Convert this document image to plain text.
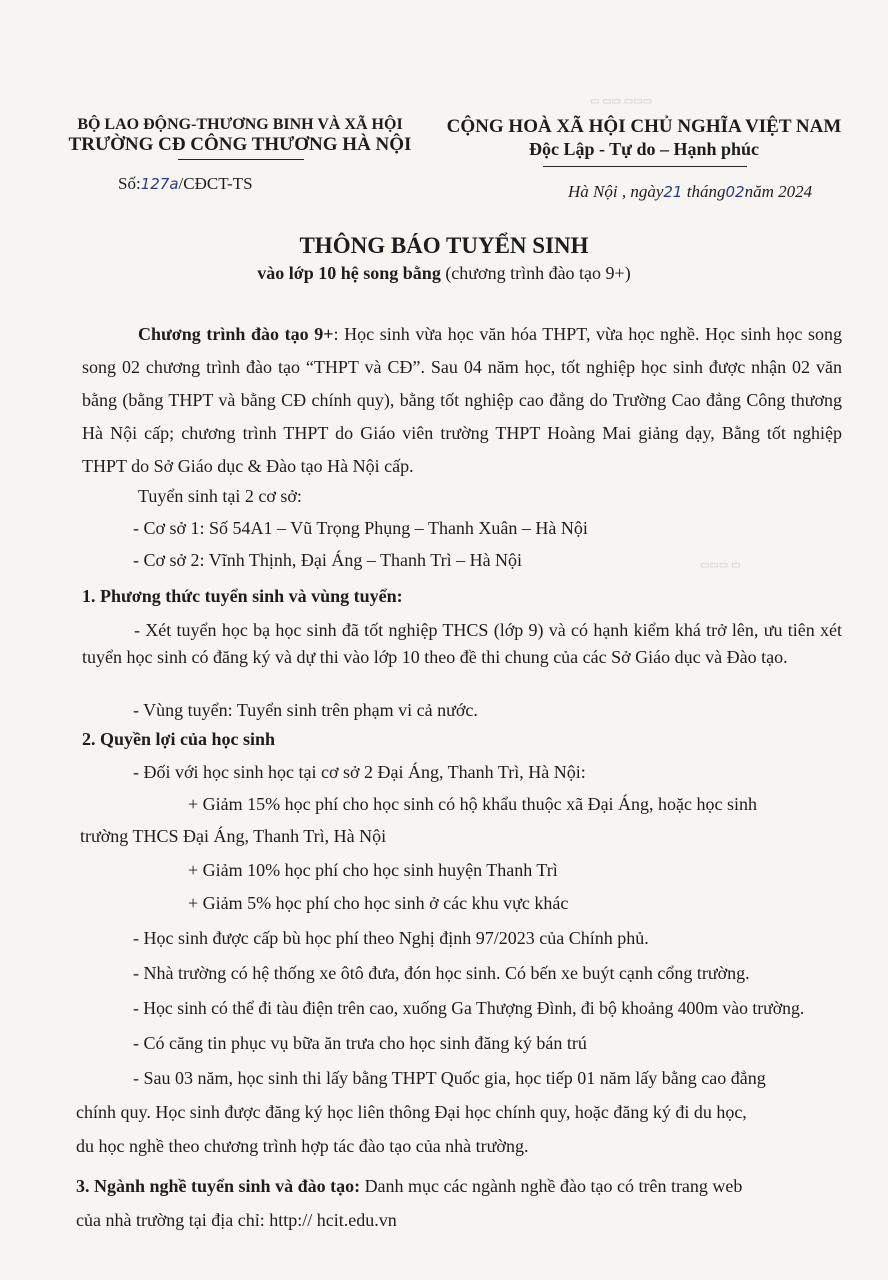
▭ ▭▭ ▭▭▭
▭▭▭ ▭
BỘ LAO ĐỘNG-THƯƠNG BINH VÀ XÃ HỘI
TRƯỜNG CĐ CÔNG THƯƠNG HÀ NỘI
Số:127a/CĐCT-TS
CỘNG HOÀ XÃ HỘI CHỦ NGHĨA VIỆT NAM
Độc Lập - Tự do – Hạnh phúc
Hà Nội , ngày21 tháng02năm 2024
THÔNG BÁO TUYỂN SINH
vào lớp 10 hệ song bằng (chương trình đào tạo 9+)
Chương trình đào tạo 9+: Học sinh vừa học văn hóa THPT, vừa học nghề. Học sinh học song song 02 chương trình đào tạo “THPT và CĐ”. Sau 04 năm học, tốt nghiệp học sinh được nhận 02 văn bằng (bằng THPT và bằng CĐ chính quy), bằng tốt nghiệp cao đẳng do Trường Cao đẳng Công thương Hà Nội cấp; chương trình THPT do Giáo viên trường THPT Hoàng Mai giảng dạy, Bằng tốt nghiệp THPT do Sở Giáo dục & Đào tạo Hà Nội cấp.
Tuyển sinh tại 2 cơ sở:
- Cơ sở 1: Số 54A1 – Vũ Trọng Phụng – Thanh Xuân – Hà Nội
- Cơ sở 2: Vĩnh Thịnh, Đại Áng – Thanh Trì – Hà Nội
1. Phương thức tuyển sinh và vùng tuyển:
- Xét tuyển học bạ học sinh đã tốt nghiệp THCS (lớp 9) và có hạnh kiểm khá trở lên, ưu tiên xét tuyển học sinh có đăng ký và dự thi vào lớp 10 theo đề thi chung của các Sở Giáo dục và Đào tạo.
- Vùng tuyển: Tuyển sinh trên phạm vi cả nước.
2. Quyền lợi của học sinh
- Đối với học sinh học tại cơ sở 2 Đại Áng, Thanh Trì, Hà Nội:
+ Giảm 15% học phí cho học sinh có hộ khẩu thuộc xã Đại Áng, hoặc học sinh
trường THCS Đại Áng, Thanh Trì, Hà Nội
+ Giảm 10% học phí cho học sinh huyện Thanh Trì
+ Giảm 5% học phí cho học sinh ở các khu vực khác
- Học sinh được cấp bù học phí theo Nghị định 97/2023 của Chính phủ.
- Nhà trường có hệ thống xe ôtô đưa, đón học sinh. Có bến xe buýt cạnh cổng trường.
- Học sinh có thể đi tàu điện trên cao, xuống Ga Thượng Đình, đi bộ khoảng 400m vào trường.
- Có căng tin phục vụ bữa ăn trưa cho học sinh đăng ký bán trú
- Sau 03 năm, học sinh thi lấy bằng THPT Quốc gia, học tiếp 01 năm lấy bằng cao đẳng
chính quy. Học sinh được đăng ký học liên thông Đại học chính quy, hoặc đăng ký đi du học,
du học nghề theo chương trình hợp tác đào tạo của nhà trường.
3. Ngành nghề tuyển sinh và đào tạo: Danh mục các ngành nghề đào tạo có trên trang web
của nhà trường tại địa chỉ: http:// hcit.edu.vn
